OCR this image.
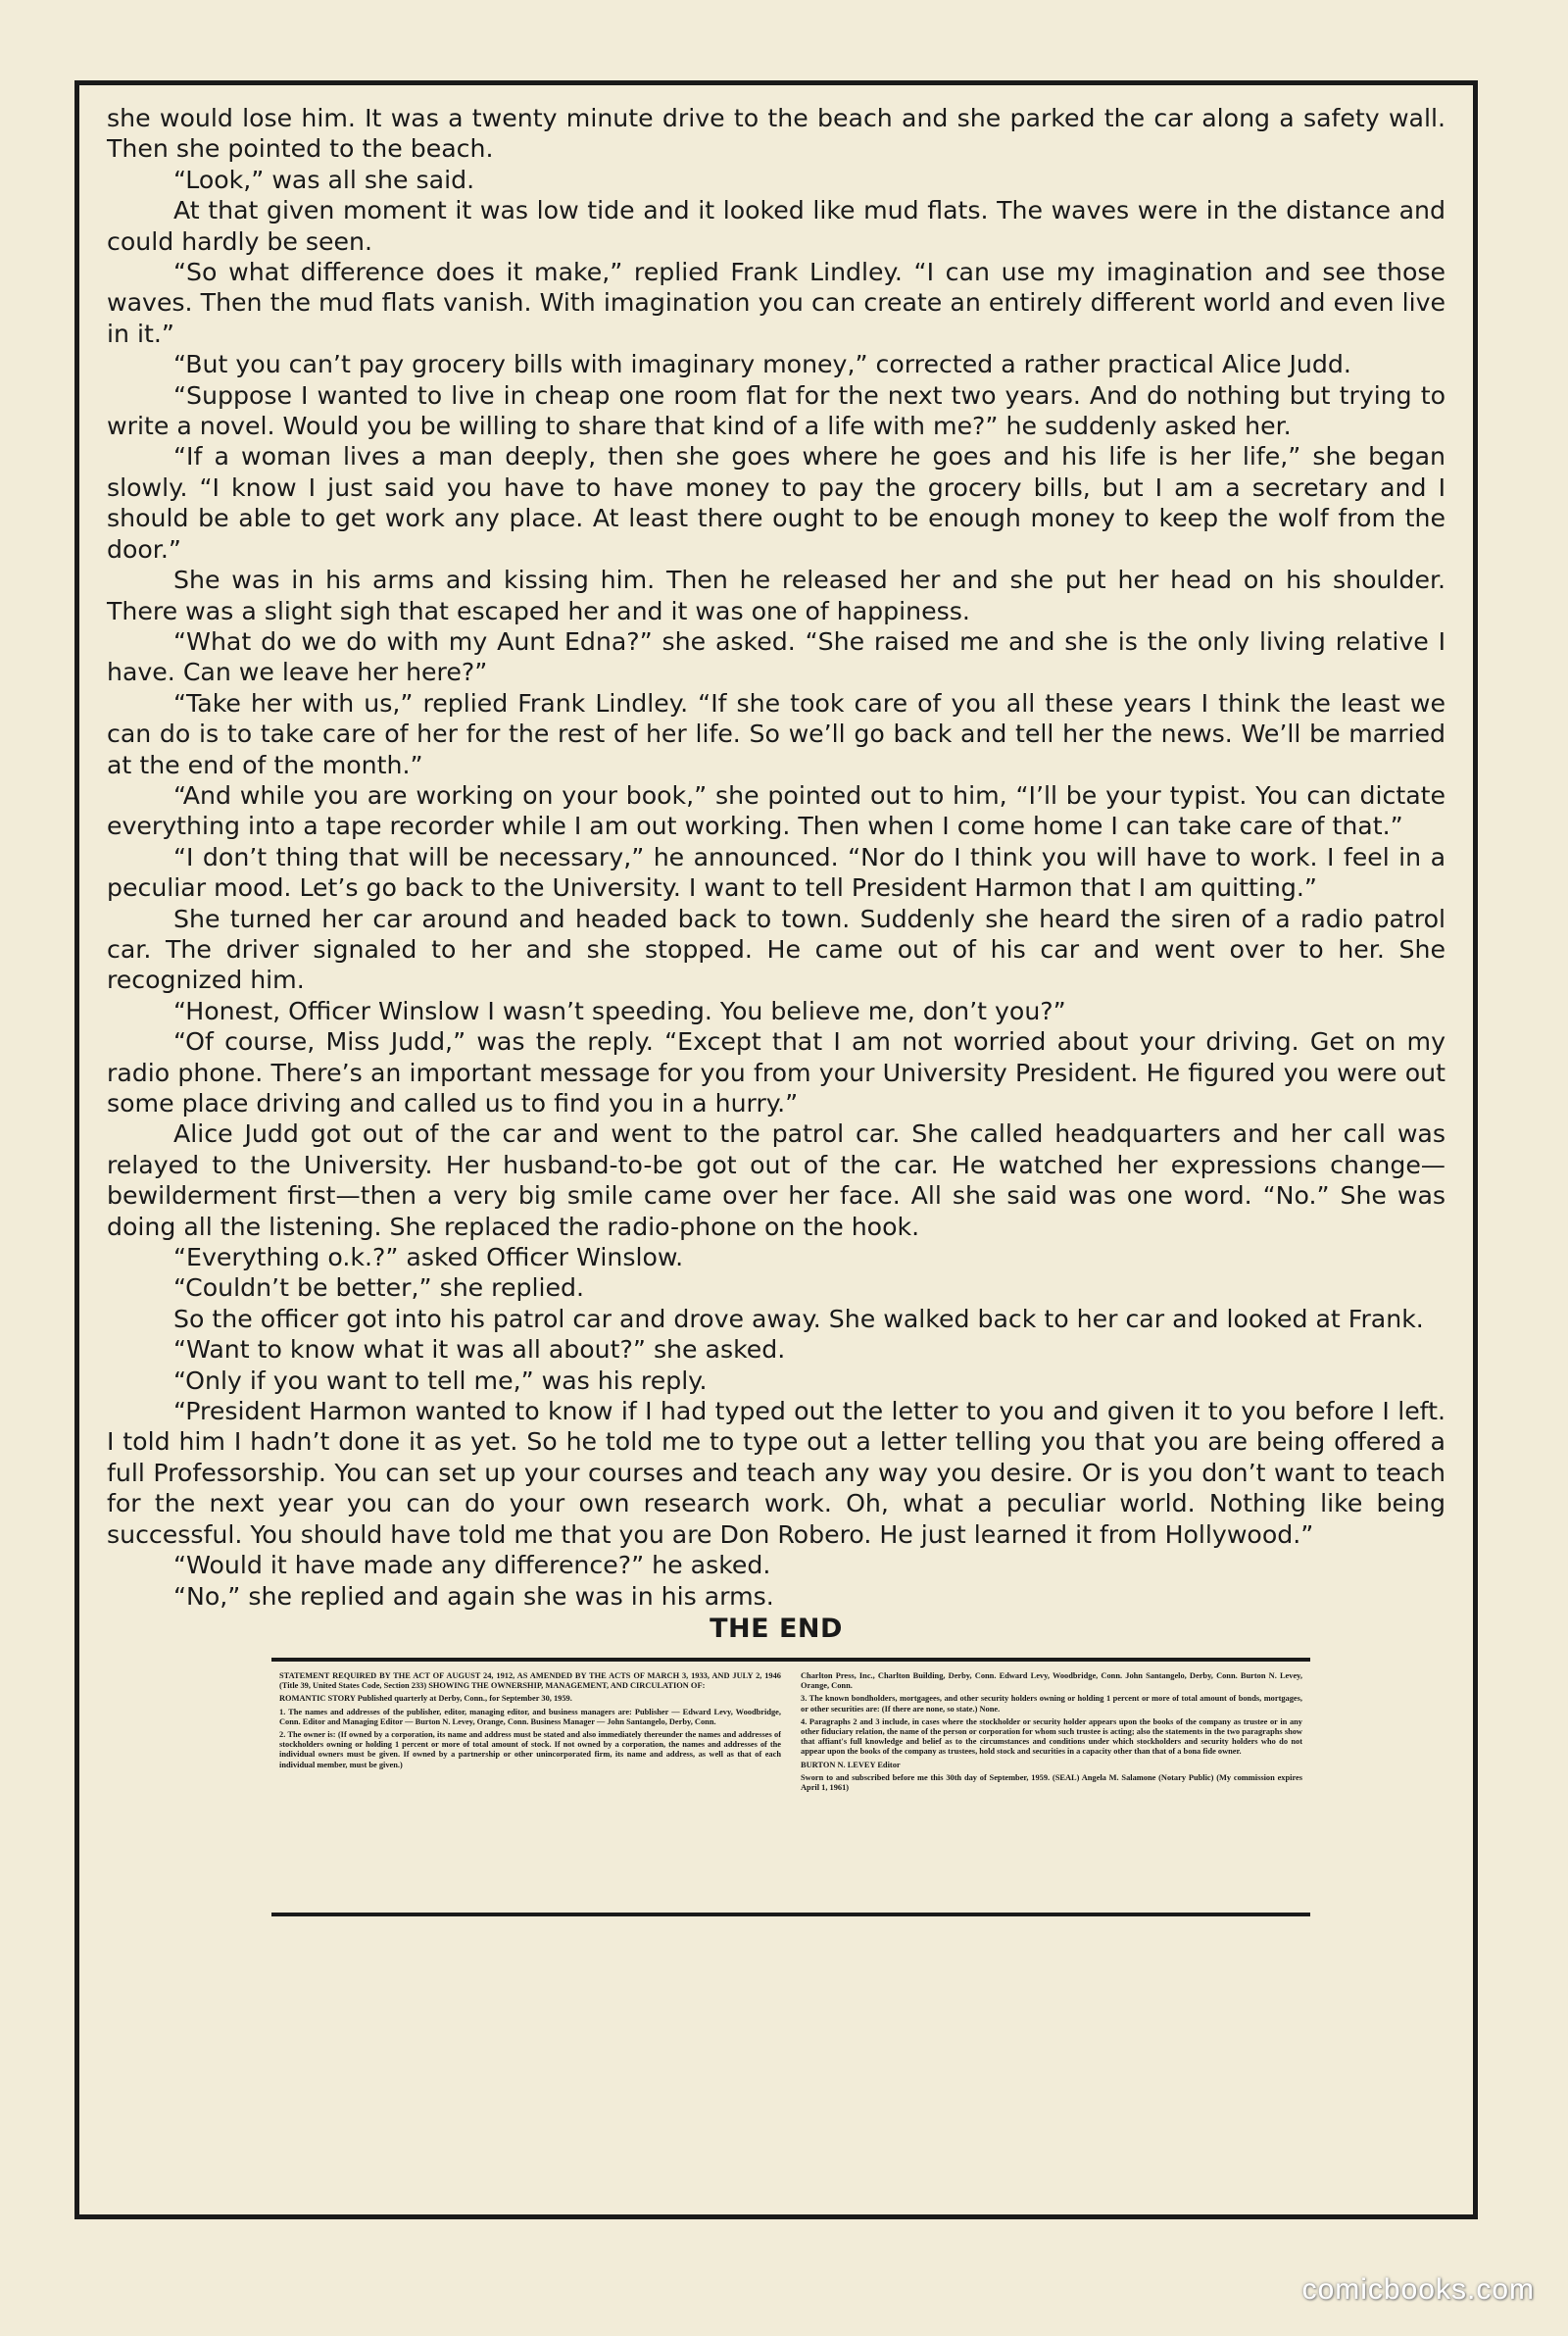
she would lose him. It was a twenty minute drive to the beach and she parked the car along a safety wall. Then she pointed to the beach.

“Look,” was all she said.

At that given moment it was low tide and it looked like mud flats. The waves were in the distance and could hardly be seen.

“So what difference does it make,” replied Frank Lindley. “I can use my imagination and see those waves. Then the mud flats vanish. With imagination you can create an entirely different world and even live in it.”

“But you can’t pay grocery bills with imaginary money,” corrected a rather practical Alice Judd.

“Suppose I wanted to live in cheap one room flat for the next two years. And do nothing but trying to write a novel. Would you be willing to share that kind of a life with me?” he suddenly asked her.

“If a woman lives a man deeply, then she goes where he goes and his life is her life,” she began slowly. “I know I just said you have to have money to pay the grocery bills, but I am a secretary and I should be able to get work any place. At least there ought to be enough money to keep the wolf from the door.”

She was in his arms and kissing him. Then he released her and she put her head on his shoulder. There was a slight sigh that escaped her and it was one of happiness.

“What do we do with my Aunt Edna?” she asked. “She raised me and she is the only living relative I have. Can we leave her here?”

“Take her with us,” replied Frank Lindley. “If she took care of you all these years I think the least we can do is to take care of her for the rest of her life. So we’ll go back and tell her the news. We’ll be married at the end of the month.”

“And while you are working on your book,” she pointed out to him, “I’ll be your typist. You can dictate everything into a tape recorder while I am out working. Then when I come home I can take care of that.”

“I don’t thing that will be necessary,” he announced. “Nor do I think you will have to work. I feel in a peculiar mood. Let’s go back to the University. I want to tell President Harmon that I am quitting.”

She turned her car around and headed back to town. Suddenly she heard the siren of a radio patrol car. The driver signaled to her and she stopped. He came out of his car and went over to her. She recognized him.

“Honest, Officer Winslow I wasn’t speeding. You believe me, don’t you?”

“Of course, Miss Judd,” was the reply. “Except that I am not worried about your driving. Get on my radio phone. There’s an important message for you from your University President. He figured you were out some place driving and called us to find you in a hurry.”

Alice Judd got out of the car and went to the patrol car. She called headquarters and her call was relayed to the University. Her husband-to-be got out of the car. He watched her expressions change—bewilderment first—then a very big smile came over her face. All she said was one word. “No.” She was doing all the listening. She replaced the radio-phone on the hook.

“Everything o.k.?” asked Officer Winslow.

“Couldn’t be better,” she replied.

So the officer got into his patrol car and drove away. She walked back to her car and looked at Frank.

“Want to know what it was all about?” she asked.

“Only if you want to tell me,” was his reply.

“President Harmon wanted to know if I had typed out the letter to you and given it to you before I left. I told him I hadn’t done it as yet. So he told me to type out a letter telling you that you are being offered a full Professorship. You can set up your courses and teach any way you desire. Or is you don’t want to teach for the next year you can do your own research work. Oh, what a peculiar world. Nothing like being successful. You should have told me that you are Don Robero. He just learned it from Hollywood.”

“Would it have made any difference?” he asked.

“No,” she replied and again she was in his arms.

THE END

STATEMENT REQUIRED BY THE ACT OF AUGUST 24, 1912, AS AMENDED BY THE ACTS OF MARCH 3, 1933, AND JULY 2, 1946 (Title 39, United States Code, Section 233) SHOWING THE OWNERSHIP, MANAGEMENT, AND CIRCULATION OF:

ROMANTIC STORY Published quarterly at Derby, Conn., for September 30, 1959.

1. The names and addresses of the publisher, editor, managing editor, and business managers are: Publisher — Edward Levy, Woodbridge, Conn. Editor and Managing Editor — Burton N. Levey, Orange, Conn. Business Manager — John Santangelo, Derby, Conn.

2. The owner is: (If owned by a corporation, its name and address must be stated and also immediately thereunder the names and addresses of stockholders owning or holding 1 percent or more of total amount of stock. If not owned by a corporation, the names and addresses of the individual owners must be given. If owned by a partnership or other unincorporated firm, its name and address, as well as that of each individual member, must be given.)

Charlton Press, Inc., Charlton Building, Derby, Conn. Edward Levy, Woodbridge, Conn. John Santangelo, Derby, Conn. Burton N. Levey, Orange, Conn.

3. The known bondholders, mortgagees, and other security holders owning or holding 1 percent or more of total amount of bonds, mortgages, or other securities are: (If there are none, so state.) None.

4. Paragraphs 2 and 3 include, in cases where the stockholder or security holder appears upon the books of the company as trustee or in any other fiduciary relation, the name of the person or corporation for whom such trustee is acting; also the statements in the two paragraphs show that affiant's full knowledge and belief as to the circumstances and conditions under which stockholders and security holders who do not appear upon the books of the company as trustees, hold stock and securities in a capacity other than that of a bona fide owner.

BURTON N. LEVEY Editor

Sworn to and subscribed before me this 30th day of September, 1959. (SEAL) Angela M. Salamone (Notary Public) (My commission expires April 1, 1961)

comicbooks.com
